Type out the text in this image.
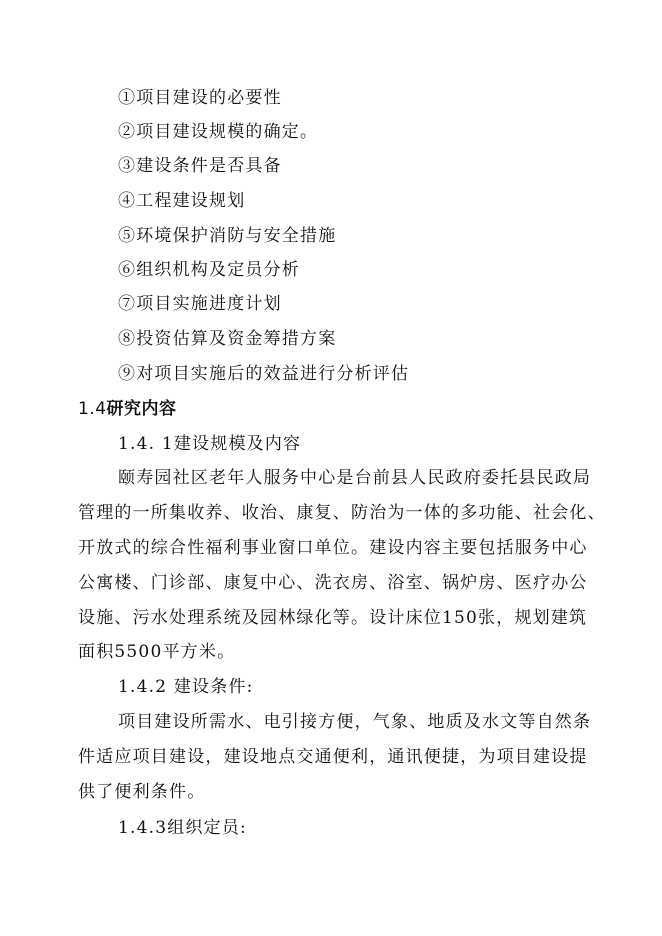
①项目建设的必要性
②项目建设规模的确定。
③建设条件是否具备
④工程建设规划
⑤环境保护消防与安全措施
⑥组织机构及定员分析
⑦项目实施进度计划
⑧投资估算及资金筹措方案
⑨对项目实施后的效益进行分析评估
1.4研究内容
1.4. 1建设规模及内容
颐寿园社区老年人服务中心是台前县人民政府委托县民政局
管理的一所集收养、收治、康复、防治为一体的多功能、社会化、
开放式的综合性福利事业窗口单位。建设内容主要包括服务中心
公寓楼、门诊部、康复中心、洗衣房、浴室、锅炉房、医疗办公
设施、污水处理系统及园林绿化等。设计床位150张，规划建筑
面积5500平方米。
1.4.2 建设条件:
项目建设所需水、电引接方便，气象、地质及水文等自然条
件适应项目建设，建设地点交通便利，通讯便捷，为项目建设提
供了便利条件。
1.4.3组织定员:
